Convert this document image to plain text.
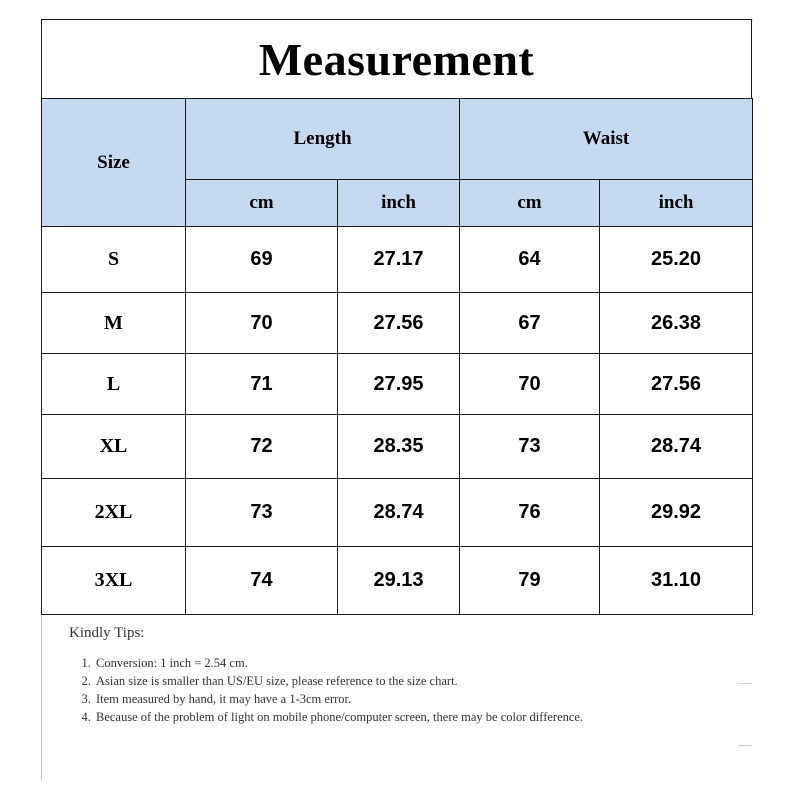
Measurement
Size	Length		Waist	
	cm	inch	cm	inch
S	69	27.17	64	25.20
M	70	27.56	67	26.38
L	71	27.95	70	27.56
XL	72	28.35	73	28.74
2XL	73	28.74	76	29.92
3XL	74	29.13	79	31.10
Kindly Tips:
1. Conversion: 1 inch = 2.54 cm.
2. Asian size is smaller than US/EU size, please reference to the size chart.
3. Item measured by hand, it may have a 1-3cm error.
4. Because of the problem of light on mobile phone/computer screen, there may be color difference.
